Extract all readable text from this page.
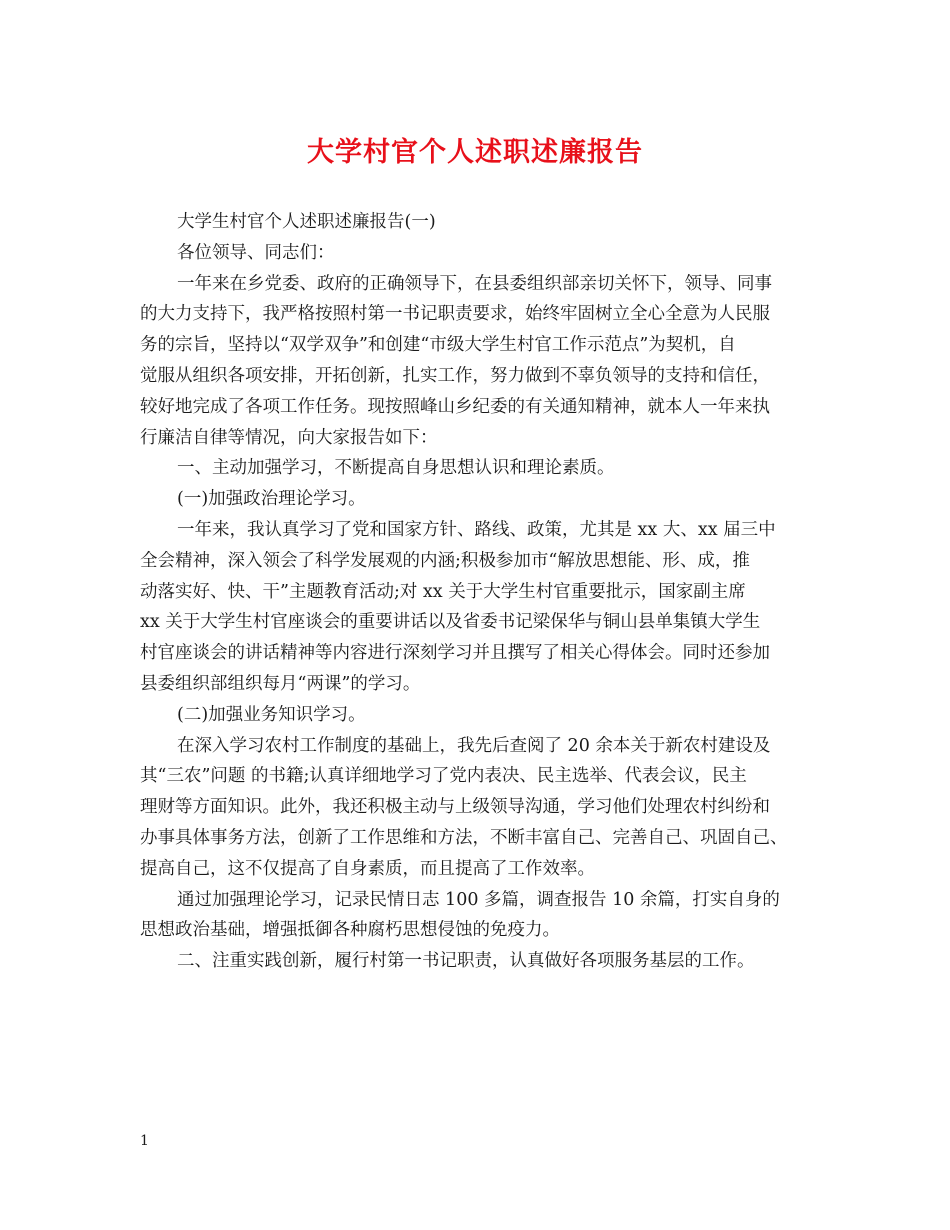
大学村官个人述职述廉报告

大学生村官个人述职述廉报告(一)

各位领导、同志们：

一年来在乡党委、政府的正确领导下，在县委组织部亲切关怀下，领导、同事
的大力支持下，我严格按照村第一书记职责要求，始终牢固树立全心全意为人民服
务的宗旨，坚持以“双学双争”和创建“市级大学生村官工作示范点”为契机，自
觉服从组织各项安排，开拓创新，扎实工作，努力做到不辜负领导的支持和信任，
较好地完成了各项工作任务。现按照峰山乡纪委的有关通知精神，就本人一年来执
行廉洁自律等情况，向大家报告如下：

一、主动加强学习，不断提高自身思想认识和理论素质。

(一)加强政治理论学习。

一年来，我认真学习了党和国家方针、路线、政策，尤其是 xx 大、xx 届三中
全会精神，深入领会了科学发展观的内涵;积极参加市“解放思想能、形、成，推
动落实好、快、干”主题教育活动;对 xx 关于大学生村官重要批示，国家副主席
xx 关于大学生村官座谈会的重要讲话以及省委书记梁保华与铜山县单集镇大学生
村官座谈会的讲话精神等内容进行深刻学习并且撰写了相关心得体会。同时还参加
县委组织部组织每月“两课”的学习。

(二)加强业务知识学习。

在深入学习农村工作制度的基础上，我先后查阅了 20 余本关于新农村建设及
其“三农”问题 的书籍;认真详细地学习了党内表决、民主选举、代表会议，民主
理财等方面知识。此外，我还积极主动与上级领导沟通，学习他们处理农村纠纷和
办事具体事务方法，创新了工作思维和方法，不断丰富自己、完善自己、巩固自己、
提高自己，这不仅提高了自身素质，而且提高了工作效率。

通过加强理论学习，记录民情日志 100 多篇，调查报告 10 余篇，打实自身的
思想政治基础，增强抵御各种腐朽思想侵蚀的免疫力。

二、注重实践创新，履行村第一书记职责，认真做好各项服务基层的工作。

1
